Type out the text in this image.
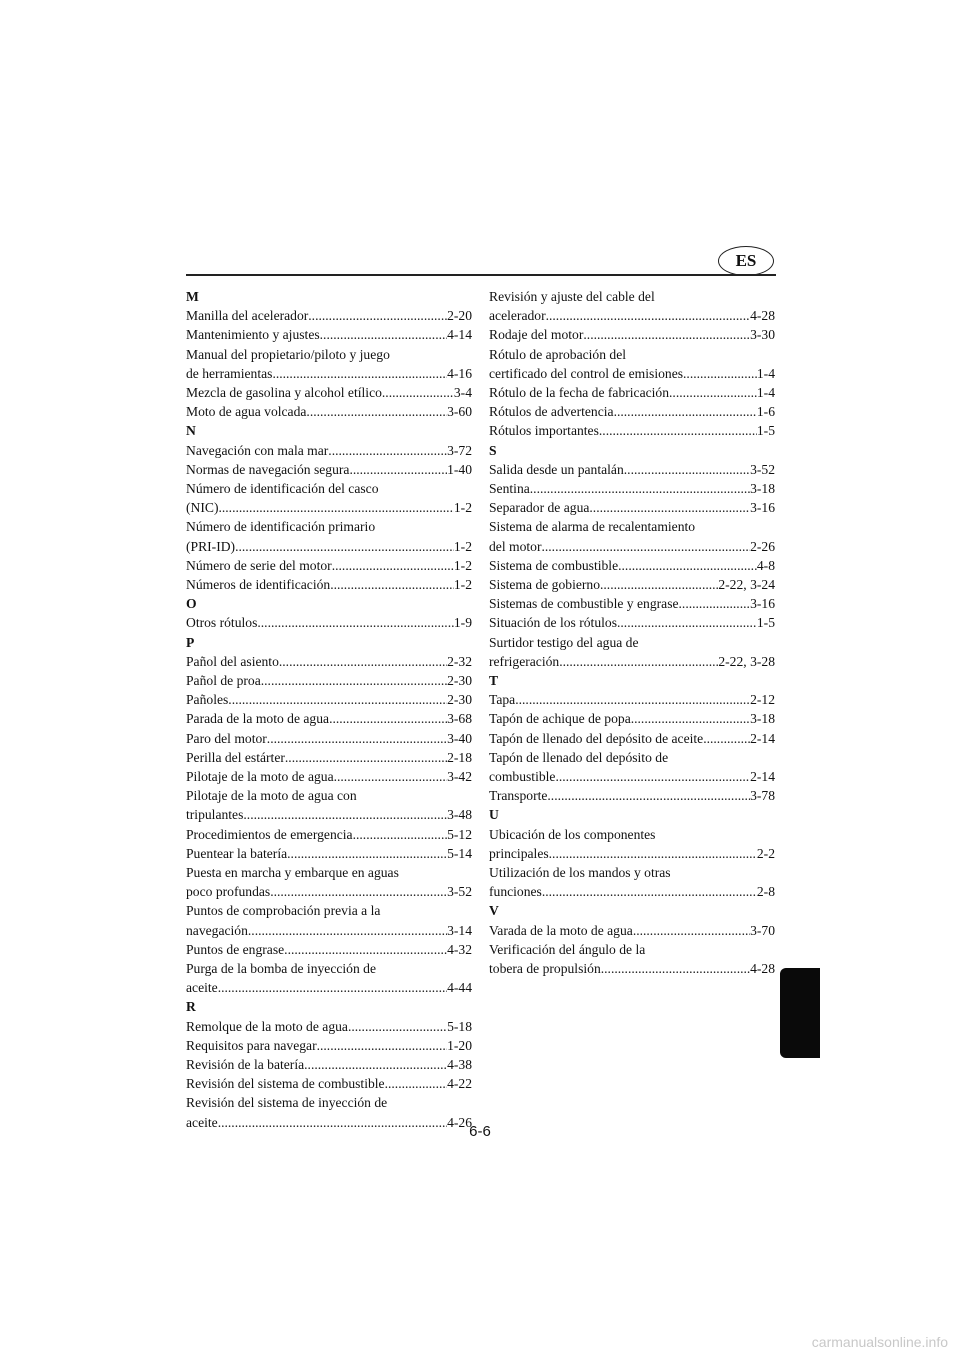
ES
M
Manilla del acelerador .....	2-20
Mantenimiento y ajustes .....	4-14
Manual del propietario/piloto y juego
de herramientas .....	4-16
Mezcla de gasolina y alcohol etílico .....	3-4
Moto de agua volcada .....	3-60
N
Navegación con mala mar .....	3-72
Normas de navegación segura .....	1-40
Número de identificación del casco
(NIC) .....	1-2
Número de identificación primario
(PRI-ID) .....	1-2
Número de serie del motor .....	1-2
Números de identificación .....	1-2
O
Otros rótulos .....	1-9
P
Pañol del asiento .....	2-32
Pañol de proa .....	2-30
Pañoles .....	2-30
Parada de la moto de agua .....	3-68
Paro del motor .....	3-40
Perilla del estárter .....	2-18
Pilotaje de la moto de agua .....	3-42
Pilotaje de la moto de agua con
tripulantes .....	3-48
Procedimientos de emergencia .....	5-12
Puentear la batería .....	5-14
Puesta en marcha y embarque en aguas
poco profundas .....	3-52
Puntos de comprobación previa a la
navegación .....	3-14
Puntos de engrase .....	4-32
Purga de la bomba de inyección de
aceite .....	4-44
R
Remolque de la moto de agua .....	5-18
Requisitos para navegar .....	1-20
Revisión de la batería .....	4-38
Revisión del sistema de combustible .....	4-22
Revisión del sistema de inyección de
aceite .....	4-26
Revisión y ajuste del cable del
acelerador .....	4-28
Rodaje del motor .....	3-30
Rótulo de aprobación del
certificado del control de emisiones .....	1-4
Rótulo de la fecha de fabricación .....	1-4
Rótulos de advertencia .....	1-6
Rótulos importantes .....	1-5
S
Salida desde un pantalán .....	3-52
Sentina .....	3-18
Separador de agua .....	3-16
Sistema de alarma de recalentamiento
del motor .....	2-26
Sistema de combustible .....	4-8
Sistema de gobierno .....	2-22, 3-24
Sistemas de combustible y engrase .....	3-16
Situación de los rótulos .....	1-5
Surtidor testigo del agua de
refrigeración .....	2-22, 3-28
T
Tapa .....	2-12
Tapón de achique de popa .....	3-18
Tapón de llenado del depósito de aceite .....	2-14
Tapón de llenado del depósito de
combustible .....	2-14
Transporte .....	3-78
U
Ubicación de los componentes
principales .....	2-2
Utilización de los mandos y otras
funciones .....	2-8
V
Varada de la moto de agua .....	3-70
Verificación del ángulo de la
tobera de propulsión .....	4-28
6-6
carmanualsonline.info
